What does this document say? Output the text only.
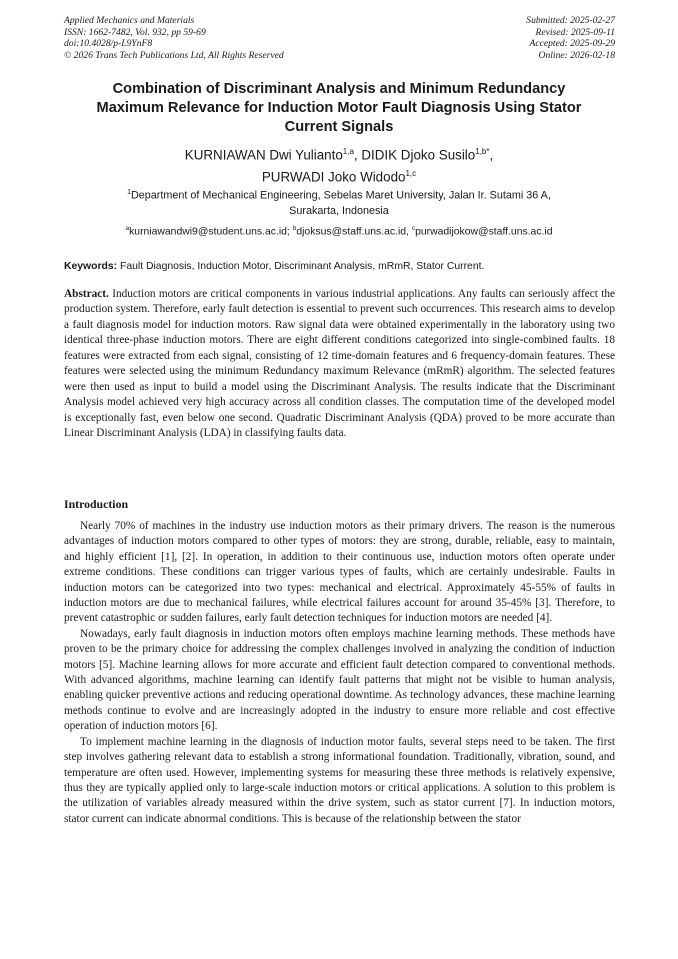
Applied Mechanics and Materials
ISSN: 1662-7482, Vol. 932, pp 59-69
doi:10.4028/p-L9YnF8
© 2026 Trans Tech Publications Ltd, All Rights Reserved
Submitted: 2025-02-27
Revised: 2025-09-11
Accepted: 2025-09-29
Online: 2026-02-18
Combination of Discriminant Analysis and Minimum Redundancy
Maximum Relevance for Induction Motor Fault Diagnosis Using Stator
Current Signals
KURNIAWAN Dwi Yulianto$^{1,a}$, DIDIK Djoko Susilo$^{1,b*}$,
PURWADI Joko Widodo$^{1,c}$
$^1$Department of Mechanical Engineering, Sebelas Maret University, Jalan Ir. Sutami 36 A,
Surakarta, Indonesia
$^a$kurniawandwi9@student.uns.ac.id; $^b$djoksus@staff.uns.ac.id, $^c$purwadijokow@staff.uns.ac.id
Keywords: Fault Diagnosis, Induction Motor, Discriminant Analysis, mRmR, Stator Current.
Abstract. Induction motors are critical components in various industrial applications. Any faults can seriously affect the production system. Therefore, early fault detection is essential to prevent such occurrences. This research aims to develop a fault diagnosis model for induction motors. Raw signal data were obtained experimentally in the laboratory using two identical three-phase induction motors. There are eight different conditions categorized into single-combined faults. 18 features were extracted from each signal, consisting of 12 time-domain features and 6 frequency-domain features. These features were selected using the minimum Redundancy maximum Relevance (mRmR) algorithm. The selected features were then used as input to build a model using the Discriminant Analysis. The results indicate that the Discriminant Analysis model achieved very high accuracy across all condition classes. The computation time of the developed model is exceptionally fast, even below one second. Quadratic Discriminant Analysis (QDA) proved to be more accurate than Linear Discriminant Analysis (LDA) in classifying faults data.
Introduction

Nearly 70% of machines in the industry use induction motors as their primary drivers. The reason is the numerous advantages of induction motors compared to other types of motors: they are strong, durable, reliable, easy to maintain, and highly efficient [1], [2]. In operation, in addition to their continuous use, induction motors often operate under extreme conditions. These conditions can trigger various types of faults, which are certainly undesirable. Faults in induction motors can be categorized into two types: mechanical and electrical. Approximately 45-55% of faults in induction motors are due to mechanical failures, while electrical failures account for around 35-45% [3]. Therefore, to prevent catastrophic or sudden failures, early fault detection techniques for induction motors are needed [4].

Nowadays, early fault diagnosis in induction motors often employs machine learning methods. These methods have proven to be the primary choice for addressing the complex challenges involved in analyzing the condition of induction motors [5]. Machine learning allows for more accurate and efficient fault detection compared to conventional methods. With advanced algorithms, machine learning can identify fault patterns that might not be visible to human analysis, enabling quicker preventive actions and reducing operational downtime. As technology advances, these machine learning methods continue to evolve and are increasingly adopted in the industry to ensure more reliable and cost effective operation of induction motors [6].

To implement machine learning in the diagnosis of induction motor faults, several steps need to be taken. The first step involves gathering relevant data to establish a strong informational foundation. Traditionally, vibration, sound, and temperature are often used. However, implementing systems for measuring these three methods is relatively expensive, thus they are typically applied only to large-scale induction motors or critical applications. A solution to this problem is the utilization of variables already measured within the drive system, such as stator current [7]. In induction motors, stator current can indicate abnormal conditions. This is because of the relationship between the stator
